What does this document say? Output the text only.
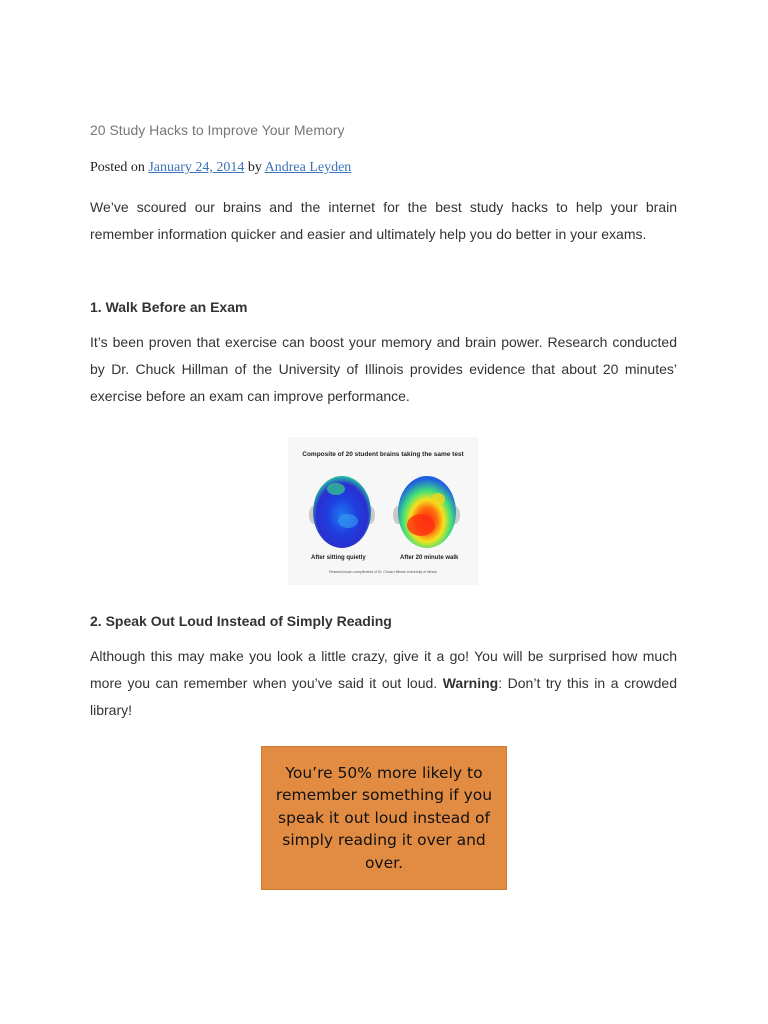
20 Study Hacks to Improve Your Memory
Posted on January 24, 2014 by Andrea Leyden

We’ve scoured our brains and the internet for the best study hacks to help your brain remember information quicker and easier and ultimately help you do better in your exams.

1. Walk Before an Exam

It’s been proven that exercise can boost your memory and brain power. Research conducted by Dr. Chuck Hillman of the University of Illinois provides evidence that about 20 minutes’ exercise before an exam can improve performance.

Composite of 20 student brains taking the same test
After sitting quietly	After 20 minute walk
Research/scan compliments of Dr. Chuck Hillman University of Illinois
2. Speak Out Loud Instead of Simply Reading

Although this may make you look a little crazy, give it a go! You will be surprised how much more you can remember when you’ve said it out loud. Warning: Don’t try this in a crowded library!

You’re 50% more likely to remember something if you speak it out loud instead of simply reading it over and over.
